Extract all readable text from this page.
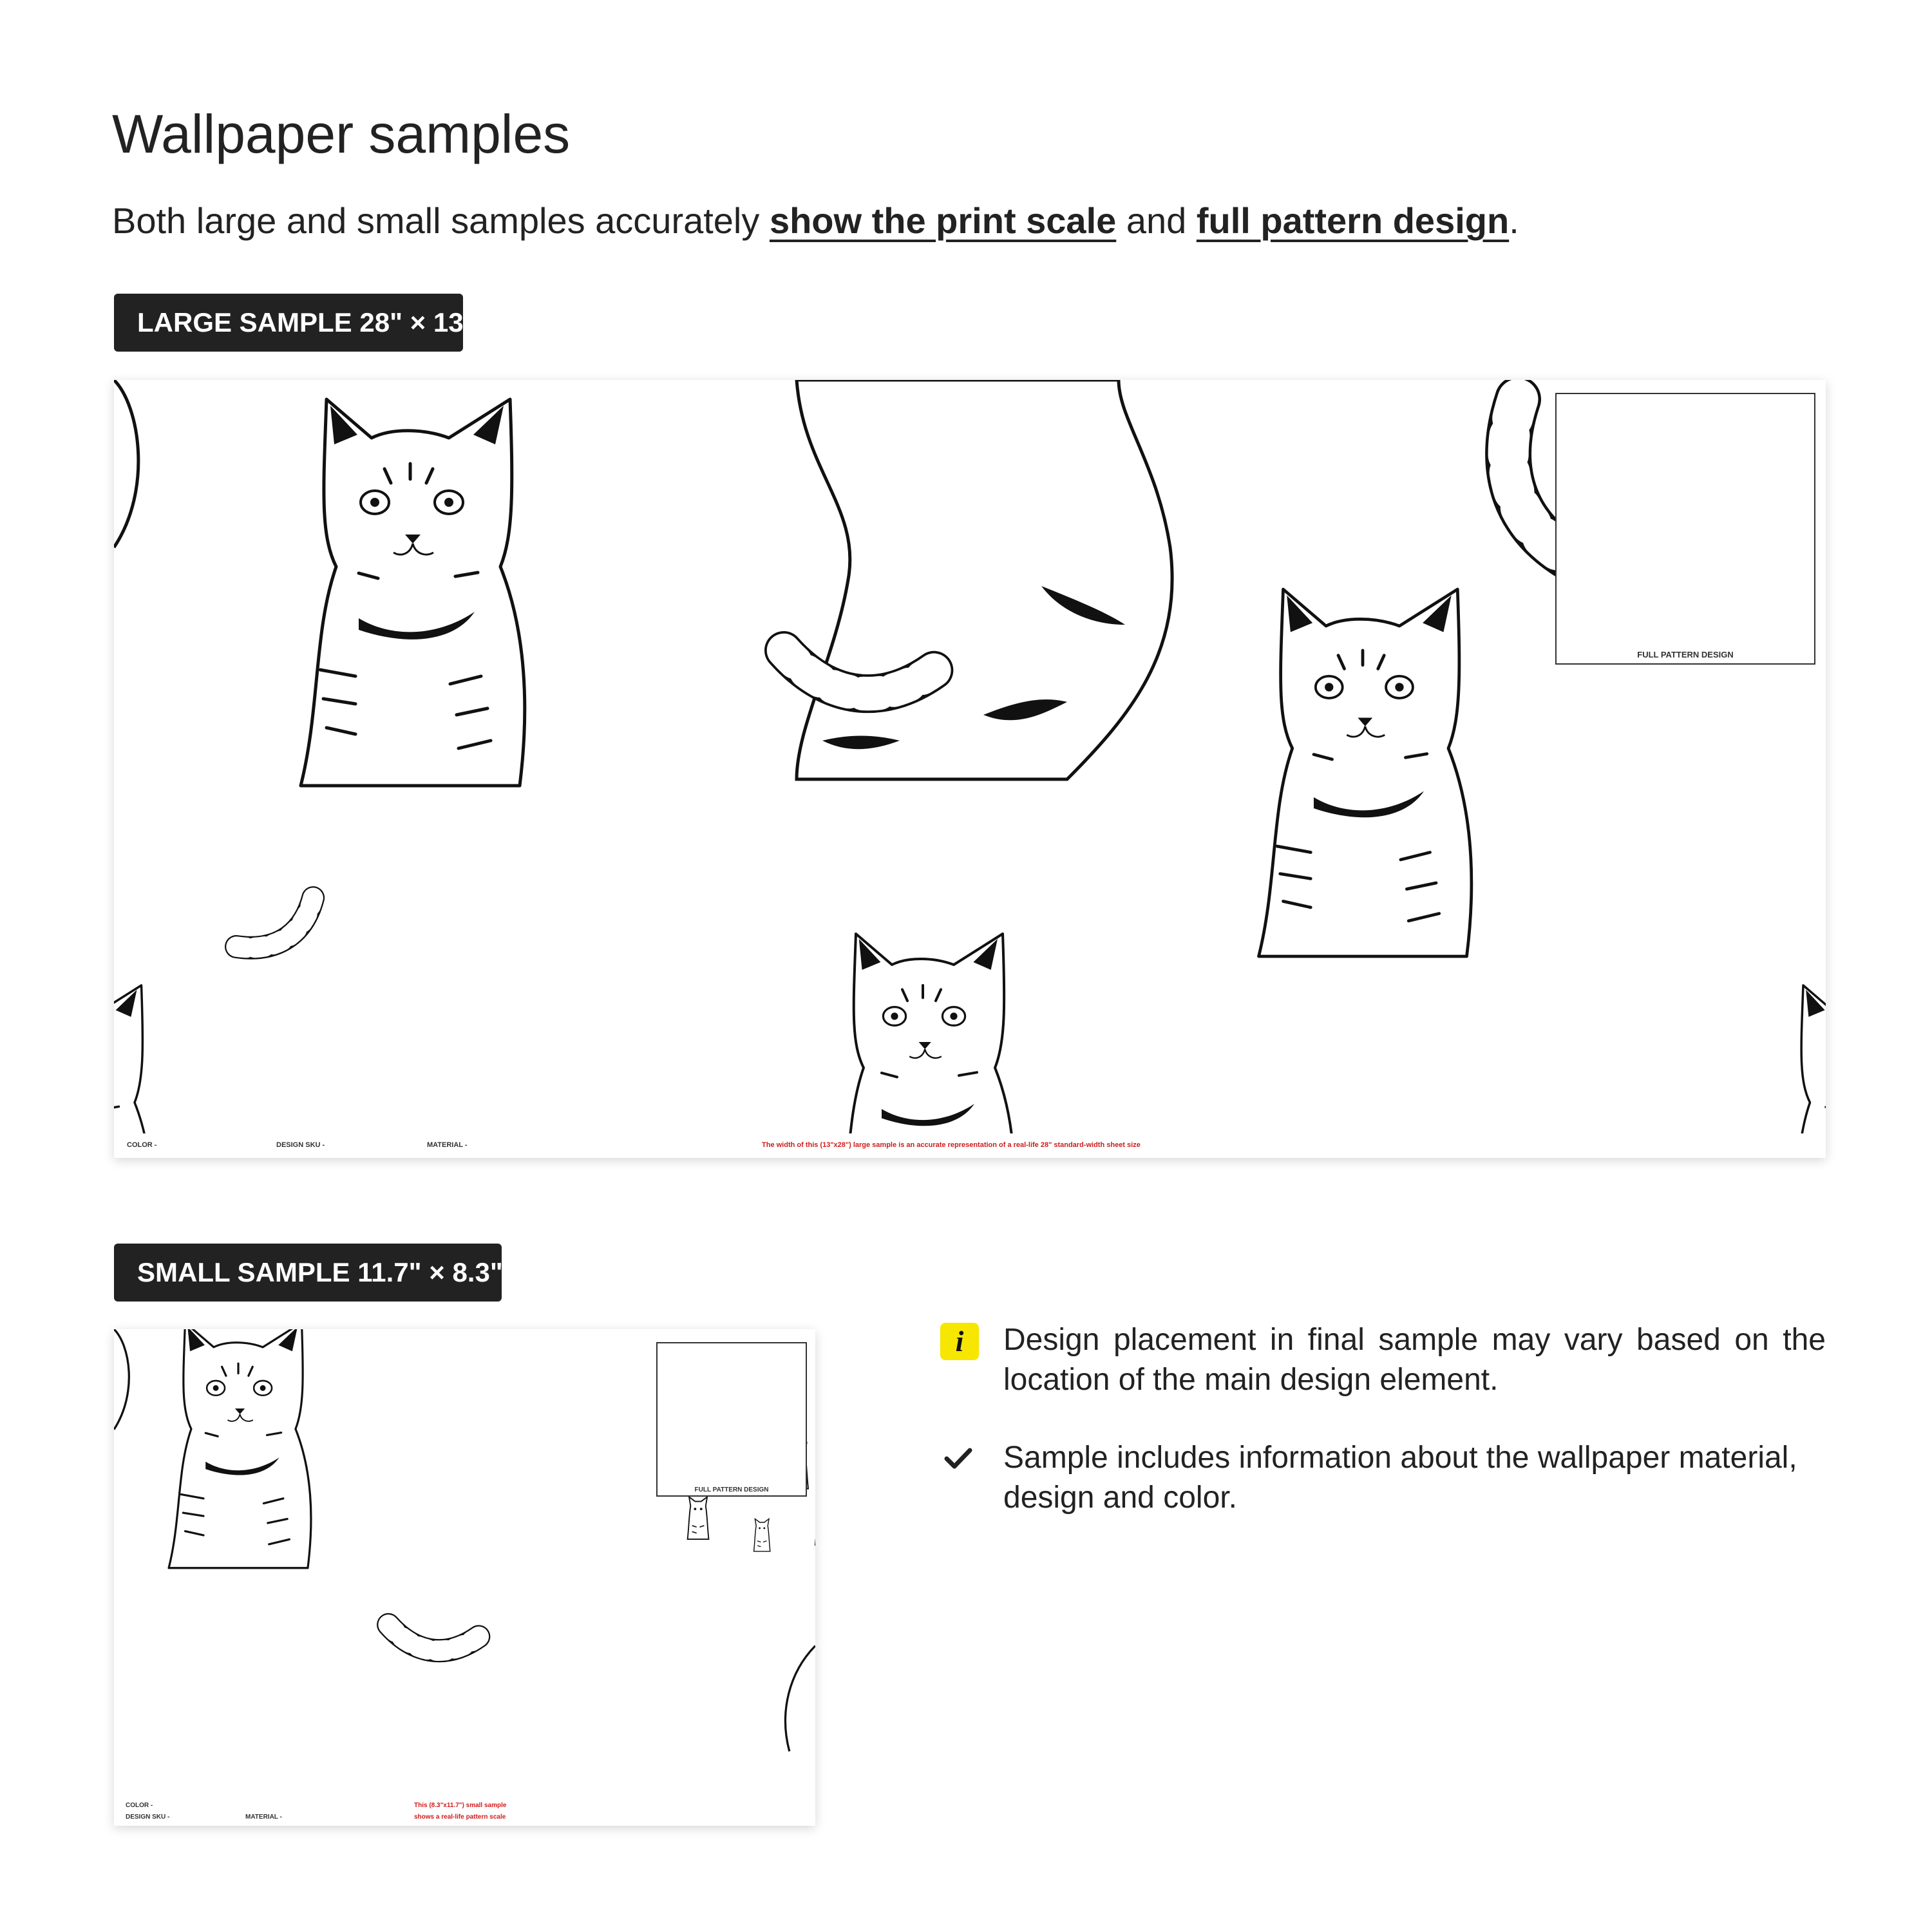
Wallpaper samples

Both large and small samples accurately show the print scale and full pattern design.

LARGE SAMPLE 28" × 13"
FULL PATTERN DESIGN
COLOR -	DESIGN SKU -	MATERIAL -	The width of this (13"x28") large sample is an accurate representation of a real-life 28" standard-width sheet size
SMALL SAMPLE 11.7" × 8.3"
FULL PATTERN DESIGN
COLOR -
DESIGN SKU -	MATERIAL -
This (8.3"x11.7") small sample
shows a real-life pattern scale
i	Design placement in final sample may vary based on the location of the main design element.
Sample includes information about the wallpaper material, design and color.
